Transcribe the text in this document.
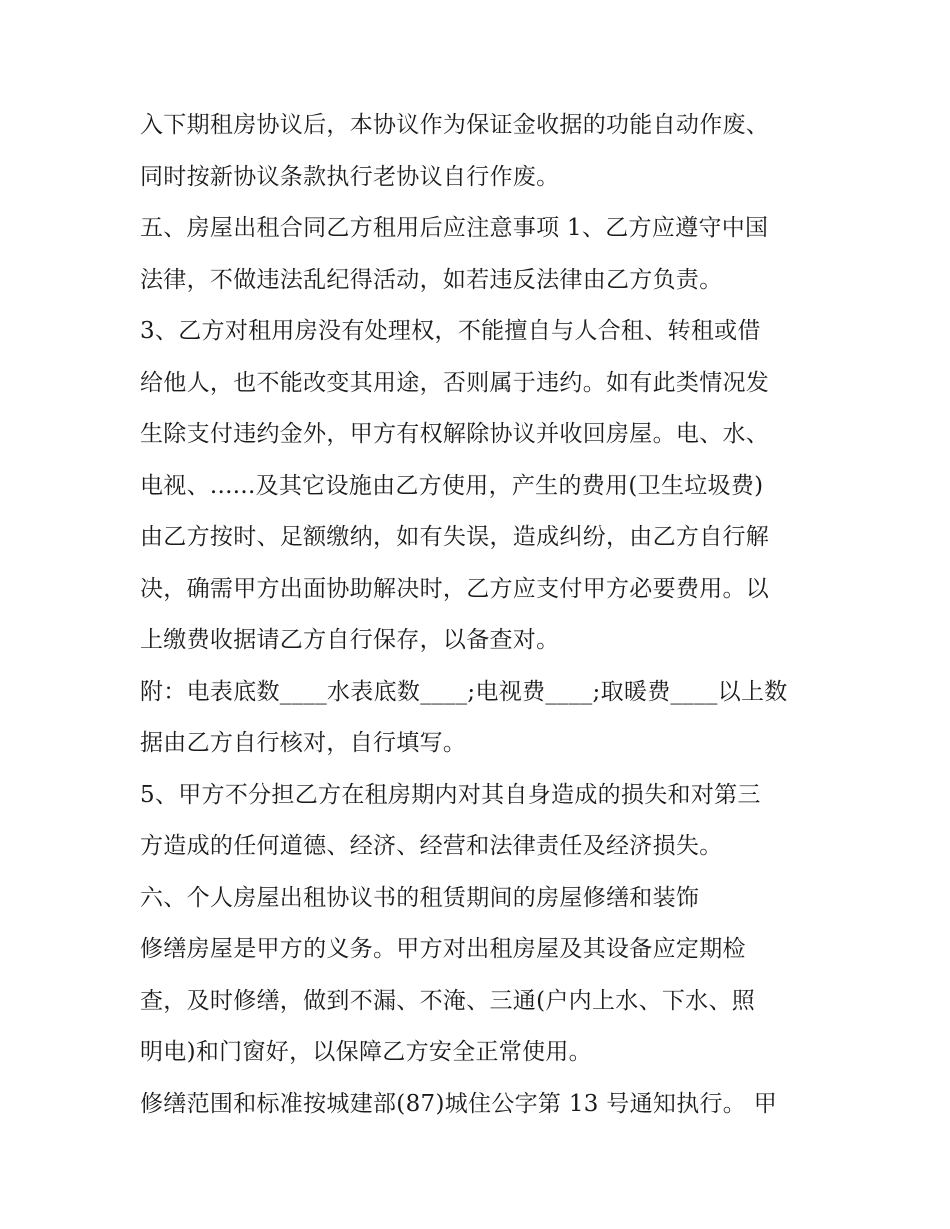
入下期租房协议后，本协议作为保证金收据的功能自动作废、
同时按新协议条款执行老协议自行作废。
五、房屋出租合同乙方租用后应注意事项 1、乙方应遵守中国
法律，不做违法乱纪得活动，如若违反法律由乙方负责。
3、乙方对租用房没有处理权，不能擅自与人合租、转租或借
给他人，也不能改变其用途，否则属于违约。如有此类情况发
生除支付违约金外，甲方有权解除协议并收回房屋。电、水、
电视、......及其它设施由乙方使用，产生的费用(卫生垃圾费)
由乙方按时、足额缴纳，如有失误，造成纠纷，由乙方自行解
决，确需甲方出面协助解决时，乙方应支付甲方必要费用。以
上缴费收据请乙方自行保存，以备查对。
附：电表底数____水表底数____;电视费____;取暖费____以上数
据由乙方自行核对，自行填写。
5、甲方不分担乙方在租房期内对其自身造成的损失和对第三
方造成的任何道德、经济、经营和法律责任及经济损失。
六、个人房屋出租协议书的租赁期间的房屋修缮和装饰
修缮房屋是甲方的义务。甲方对出租房屋及其设备应定期检
查，及时修缮，做到不漏、不淹、三通(户内上水、下水、照
明电)和门窗好，以保障乙方安全正常使用。
修缮范围和标准按城建部(87)城住公字第 13 号通知执行。 甲
